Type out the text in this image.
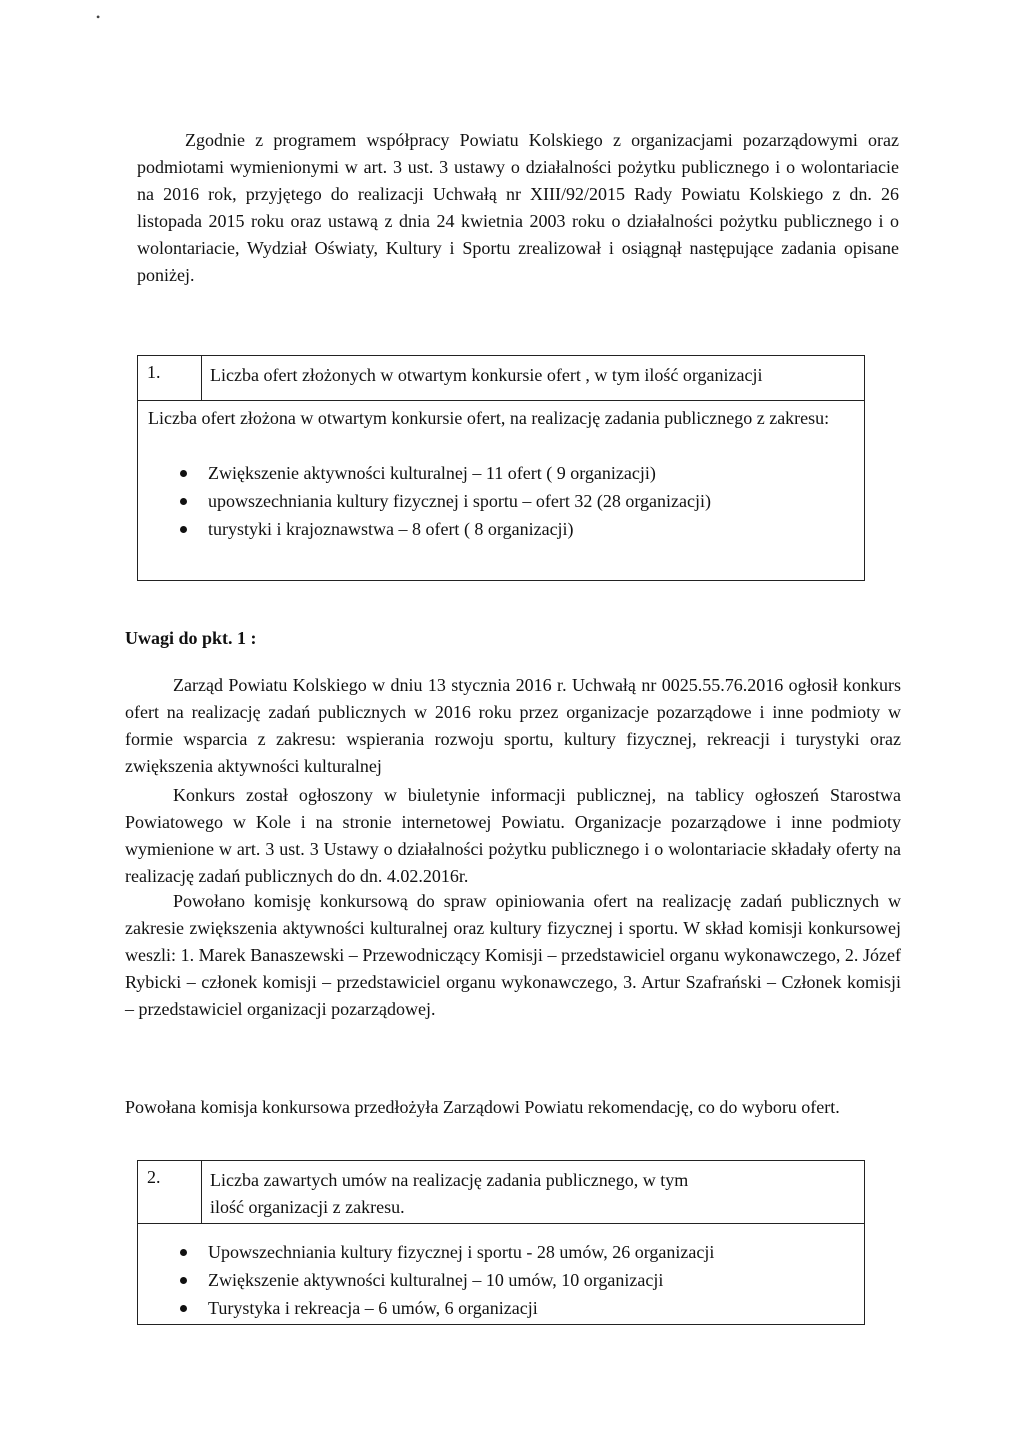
•

Zgodnie z programem współpracy Powiatu Kolskiego z organizacjami pozarządowymi oraz podmiotami wymienionymi w art. 3 ust. 3 ustawy o działalności pożytku publicznego i o wolontariacie na 2016 rok, przyjętego do realizacji Uchwałą nr XIII/92/2015 Rady Powiatu Kolskiego z dn. 26 listopada 2015 roku oraz ustawą z dnia 24 kwietnia 2003 roku o działalności pożytku publicznego i o wolontariacie, Wydział Oświaty, Kultury i Sportu zrealizował i osiągnął następujące zadania opisane poniżej.

1.	Liczba ofert złożonych w otwartym konkursie ofert , w tym ilość organizacji
Liczba ofert złożona w otwartym konkursie ofert, na realizację zadania publicznego z zakresu:
Zwiększenie aktywności kulturalnej – 11 ofert ( 9 organizacji)
upowszechniania kultury fizycznej i sportu – ofert 32 (28 organizacji)
turystyki i krajoznawstwa – 8 ofert ( 8 organizacji)
Uwagi do pkt. 1 :

Zarząd Powiatu Kolskiego w dniu 13 stycznia 2016 r. Uchwałą nr 0025.55.76.2016 ogłosił konkurs ofert na realizację zadań publicznych w 2016 roku przez organizacje pozarządowe i inne podmioty w formie wsparcia z zakresu: wspierania rozwoju sportu, kultury fizycznej, rekreacji i turystyki oraz zwiększenia aktywności kulturalnej

Konkurs został ogłoszony w biuletynie informacji publicznej, na tablicy ogłoszeń Starostwa Powiatowego w Kole i na stronie internetowej Powiatu. Organizacje pozarządowe i inne podmioty wymienione w art. 3 ust. 3 Ustawy o działalności pożytku publicznego i o wolontariacie składały oferty na realizację zadań publicznych do dn. 4.02.2016r.

Powołano komisję konkursową do spraw opiniowania ofert na realizację zadań publicznych w zakresie zwiększenia aktywności kulturalnej oraz kultury fizycznej i sportu. W skład komisji konkursowej weszli: 1. Marek Banaszewski – Przewodniczący Komisji – przedstawiciel organu wykonawczego, 2. Józef Rybicki – członek komisji – przedstawiciel organu wykonawczego, 3. Artur Szafrański – Członek komisji – przedstawiciel organizacji pozarządowej.

Powołana komisja konkursowa przedłożyła Zarządowi Powiatu rekomendację, co do wyboru ofert.

2.	Liczba zawartych umów na realizację zadania publicznego, w tym ilość organizacji z zakresu.
Upowszechniania kultury fizycznej i sportu - 28 umów, 26 organizacji
Zwiększenie aktywności kulturalnej – 10 umów, 10 organizacji
Turystyka i rekreacja – 6 umów, 6 organizacji
